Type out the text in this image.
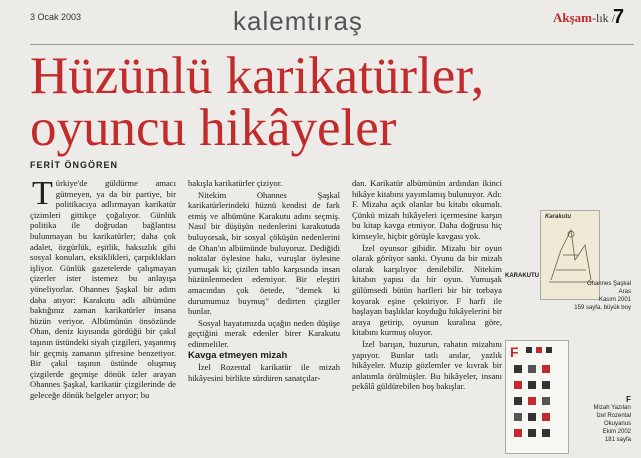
3 Ocak 2003	kalemtıraş	Akşam-lık /
7
Hüzünlü karikatürler,
oyuncu hikâyeler
FERİT ÖNGÖREN

Türkiye'de güldürme amacı gütmeyen, ya da bir partiye, bir politikacıya adlırmayan karikatür çizimleri gittikçe çoğalıyor. Günlük politika ile doğrudan bağlantısı bulunmayan bu karikatürler; daha çok adalet, özgürlük, eşitlik, haksızlık gibi sosyal konuları, eksiklikleri, çarpıklıkları işliyor. Günlük gazetelerde çalışmayan çizerler ister istemez bu anlayışa yöneliyorlar. Ohannes Şaşkal bir adım daha atıyor: Karakutu adlı albümüne baktığınız zaman karikatürler insana hüzün veriyor. Albümünün önsözünde Ohan, deniz kıyısında gördüğü bir çakıl taşının üstündeki siyah çizgileri, yaşanmış bir geçmiş zamanın şifresine benzetiyor. Bir çakıl taşının üstünde oluşmuş çizgilerde geçmişe dönük izler arayan Ohannes Şaşkal, karikatür çizgilerinde de geleceğe dönük belgeler arıyor; bu

bakışla karikatürler çiziyor.

Nitekim Ohannes Şaşkal karikatürlerindeki hüznü kendisi de fark etmiş ve albümüne Karakutu adını seçmiş. Nasıl bir düşüşün nedenlerini karakutuda buluyorsak, bir sosyal çöküşün nedenlerini de Ohan'ın albümünde buluyoruz. Dediğidi noktalar öylesine hakı, vuruşlar öylesine yumuşak ki; çizilen tablo karşısında insan hüzünlenmeden edemiyor. Bir eleştiri amacından çok öetede, "demek ki durumumuz buymuş" dedirten çizgiler bunlar.

Sosyal hayatımızda uçağın neden düşüşe geçtiğini merak edenler birer Karakutu edinmeliler.

Kavga etmeyen mizah

İzel Rozental karikatür ile mizah hikâyesini birlikte sürdüren sanatçılar-

dan. Karikatür albümünün ardından ikinci hikâye kitabını yayımlamış bulunuyor. Adı: F. Mizaha açık olanlar bu kitabı okumalı. Çünkü mizah hikâyeleri içermesine karşın bu kitap kavga etmiyor. Daha doğrusu hiç kimseyle, hiçbir görüşle kavgası yok.

İzel oyunsor gibidir. Mizahı bir oyun olarak görüyor sanki. Oyunu da bir mizah olarak karşılıyor denilebilir. Nitekim kitabın yapısı da bir oyun. Yumuşak gülümsedi bütün harfleri bir bir torbaya koyarak eşine çektiriyor. F harfi ile başlayan başlıklar koyduğu hikâyelerini bir araya getirip, oyunun kuralına göre, kitabını kurmuş oluyor.

İzel barışın, huzurun, rahatın mizahını yapıyor. Bunlar tatlı anılar, yazlık hikâyeler. Muzip gözlemler ve kıvrak bir anlatımla örülmüşler. Bu hikâyeler, insanı pekâlâ güldürebilen hoş bakışlar.

Karakutu
KARAKUTU
Ohannes Şaşkal
Aras
Kasım 2001
159 sayfa, büyük boy
F
F
Mizah Yazıları
İzel Rozental
Okuyanus
Ekim 2002
181 sayfa
